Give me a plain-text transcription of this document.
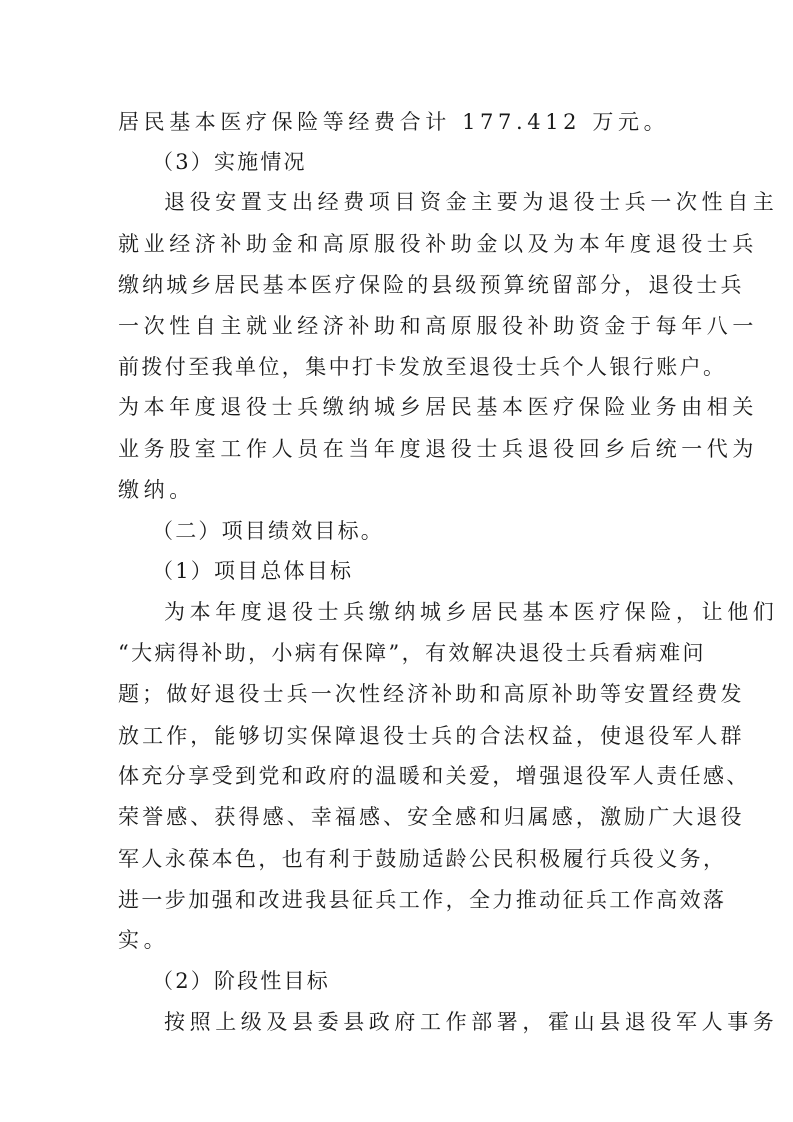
居民基本医疗保险等经费合计 177.412 万元。
（3）实施情况
退役安置支出经费项目资金主要为退役士兵一次性自主
就业经济补助金和高原服役补助金以及为本年度退役士兵
缴纳城乡居民基本医疗保险的县级预算统留部分，退役士兵
一次性自主就业经济补助和高原服役补助资金于每年八一
前拨付至我单位，集中打卡发放至退役士兵个人银行账户。
为本年度退役士兵缴纳城乡居民基本医疗保险业务由相关
业务股室工作人员在当年度退役士兵退役回乡后统一代为
缴纳。
（二）项目绩效目标。
（1）项目总体目标
为本年度退役士兵缴纳城乡居民基本医疗保险，让他们
“大病得补助，小病有保障”，有效解决退役士兵看病难问
题；做好退役士兵一次性经济补助和高原补助等安置经费发
放工作，能够切实保障退役士兵的合法权益，使退役军人群
体充分享受到党和政府的温暖和关爱，增强退役军人责任感、
荣誉感、获得感、幸福感、安全感和归属感，激励广大退役
军人永葆本色，也有利于鼓励适龄公民积极履行兵役义务，
进一步加强和改进我县征兵工作，全力推动征兵工作高效落
实。
（2）阶段性目标
按照上级及县委县政府工作部署，霍山县退役军人事务
